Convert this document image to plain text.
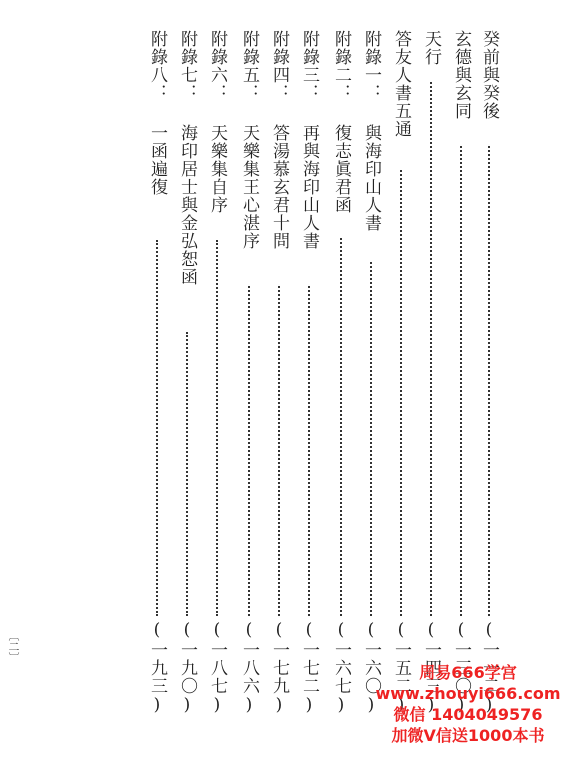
癸前與癸後
(一一二)
玄德與玄同
(一三〇)
天行
(一四三)
答友人書五通
(一五二)
附錄一：
與海印山人書
(一六〇)
附錄二：
復志眞君函
(一六七)
附錄三：
再與海印山人書
(一七二)
附錄四：
答湯慕玄君十問
(一七九)
附錄五：
天樂集王心湛序
(一八六)
附錄六：
天樂集自序
(一八七)
附錄七：
海印居士與金弘恕函
(一九〇)
附錄八：
一函遍復
(一九三)
〔二〕
周易666学宫
www.zhouyi666.com
微信 1404049576
加微V信送1000本书
